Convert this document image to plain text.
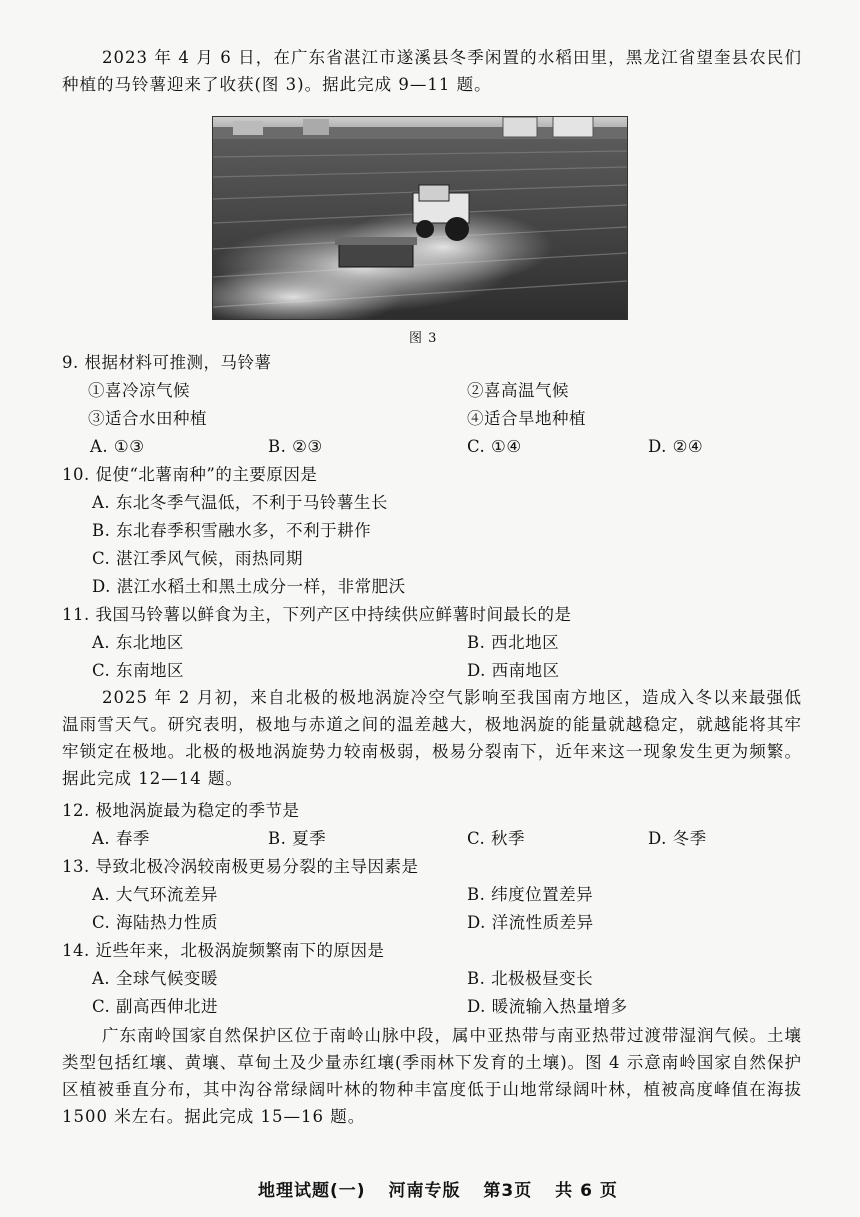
2023 年 4 月 6 日，在广东省湛江市遂溪县冬季闲置的水稻田里，黑龙江省望奎县农民们种植的马铃薯迎来了收获(图 3)。据此完成 9—11 题。

图 3
9. 根据材料可推测，马铃薯
①喜冷凉气候	②喜高温气候
③适合水田种植	④适合旱地种植
A. ①③	B. ②③	C. ①④	D. ②④
10. 促使“北薯南种”的主要原因是
A. 东北冬季气温低，不利于马铃薯生长
B. 东北春季积雪融水多，不利于耕作
C. 湛江季风气候，雨热同期
D. 湛江水稻土和黑土成分一样，非常肥沃
11. 我国马铃薯以鲜食为主，下列产区中持续供应鲜薯时间最长的是
A. 东北地区	B. 西北地区
C. 东南地区	D. 西南地区

2025 年 2 月初，来自北极的极地涡旋冷空气影响至我国南方地区，造成入冬以来最强低温雨雪天气。研究表明，极地与赤道之间的温差越大，极地涡旋的能量就越稳定，就越能将其牢牢锁定在极地。北极的极地涡旋势力较南极弱，极易分裂南下，近年来这一现象发生更为频繁。据此完成 12—14 题。

12. 极地涡旋最为稳定的季节是
A. 春季	B. 夏季	C. 秋季	D. 冬季
13. 导致北极冷涡较南极更易分裂的主导因素是
A. 大气环流差异	B. 纬度位置差异
C. 海陆热力性质	D. 洋流性质差异
14. 近些年来，北极涡旋频繁南下的原因是
A. 全球气候变暖	B. 北极极昼变长
C. 副高西伸北进	D. 暖流输入热量增多

广东南岭国家自然保护区位于南岭山脉中段，属中亚热带与南亚热带过渡带湿润气候。土壤类型包括红壤、黄壤、草甸土及少量赤红壤(季雨林下发育的土壤)。图 4 示意南岭国家自然保护区植被垂直分布，其中沟谷常绿阔叶林的物种丰富度低于山地常绿阔叶林，植被高度峰值在海拔 1500 米左右。据此完成 15—16 题。

地理试题(一) 河南专版 第3页 共 6 页
